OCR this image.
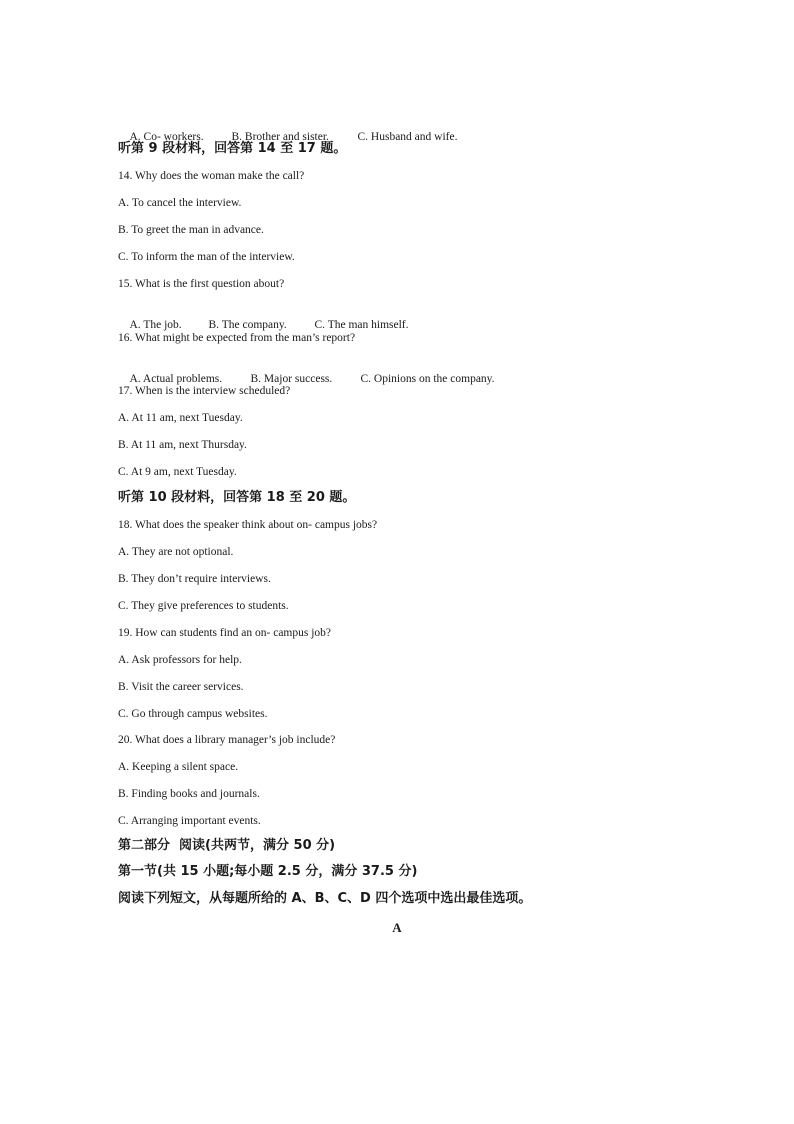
A. Co- workers. B. Brother and sister. C. Husband and wife.

听第 9 段材料，回答第 14 至 17 题。
14. Why does the woman make the call?
A. To cancel the interview.
B. To greet the man in advance.
C. To inform the man of the interview.
15. What is the first question about?

A. The job. B. The company. C. The man himself.

16. What might be expected from the man’s report?

A. Actual problems. B. Major success. C. Opinions on the company.

17. When is the interview scheduled?
A. At 11 am, next Tuesday.
B. At 11 am, next Thursday.
C. At 9 am, next Tuesday.
听第 10 段材料，回答第 18 至 20 题。
18. What does the speaker think about on- campus jobs?
A. They are not optional.
B. They don’t require interviews.
C. They give preferences to students.
19. How can students find an on- campus job?
A. Ask professors for help.
B. Visit the career services.
C. Go through campus websites.
20. What does a library manager’s job include?
A. Keeping a silent space.
B. Finding books and journals.
C. Arranging important events.
第二部分  阅读(共两节，满分 50 分)
第一节(共 15 小题;每小题 2.5 分，满分 37.5 分)
阅读下列短文，从每题所给的 A、B、C、D 四个选项中选出最佳选项。
A
